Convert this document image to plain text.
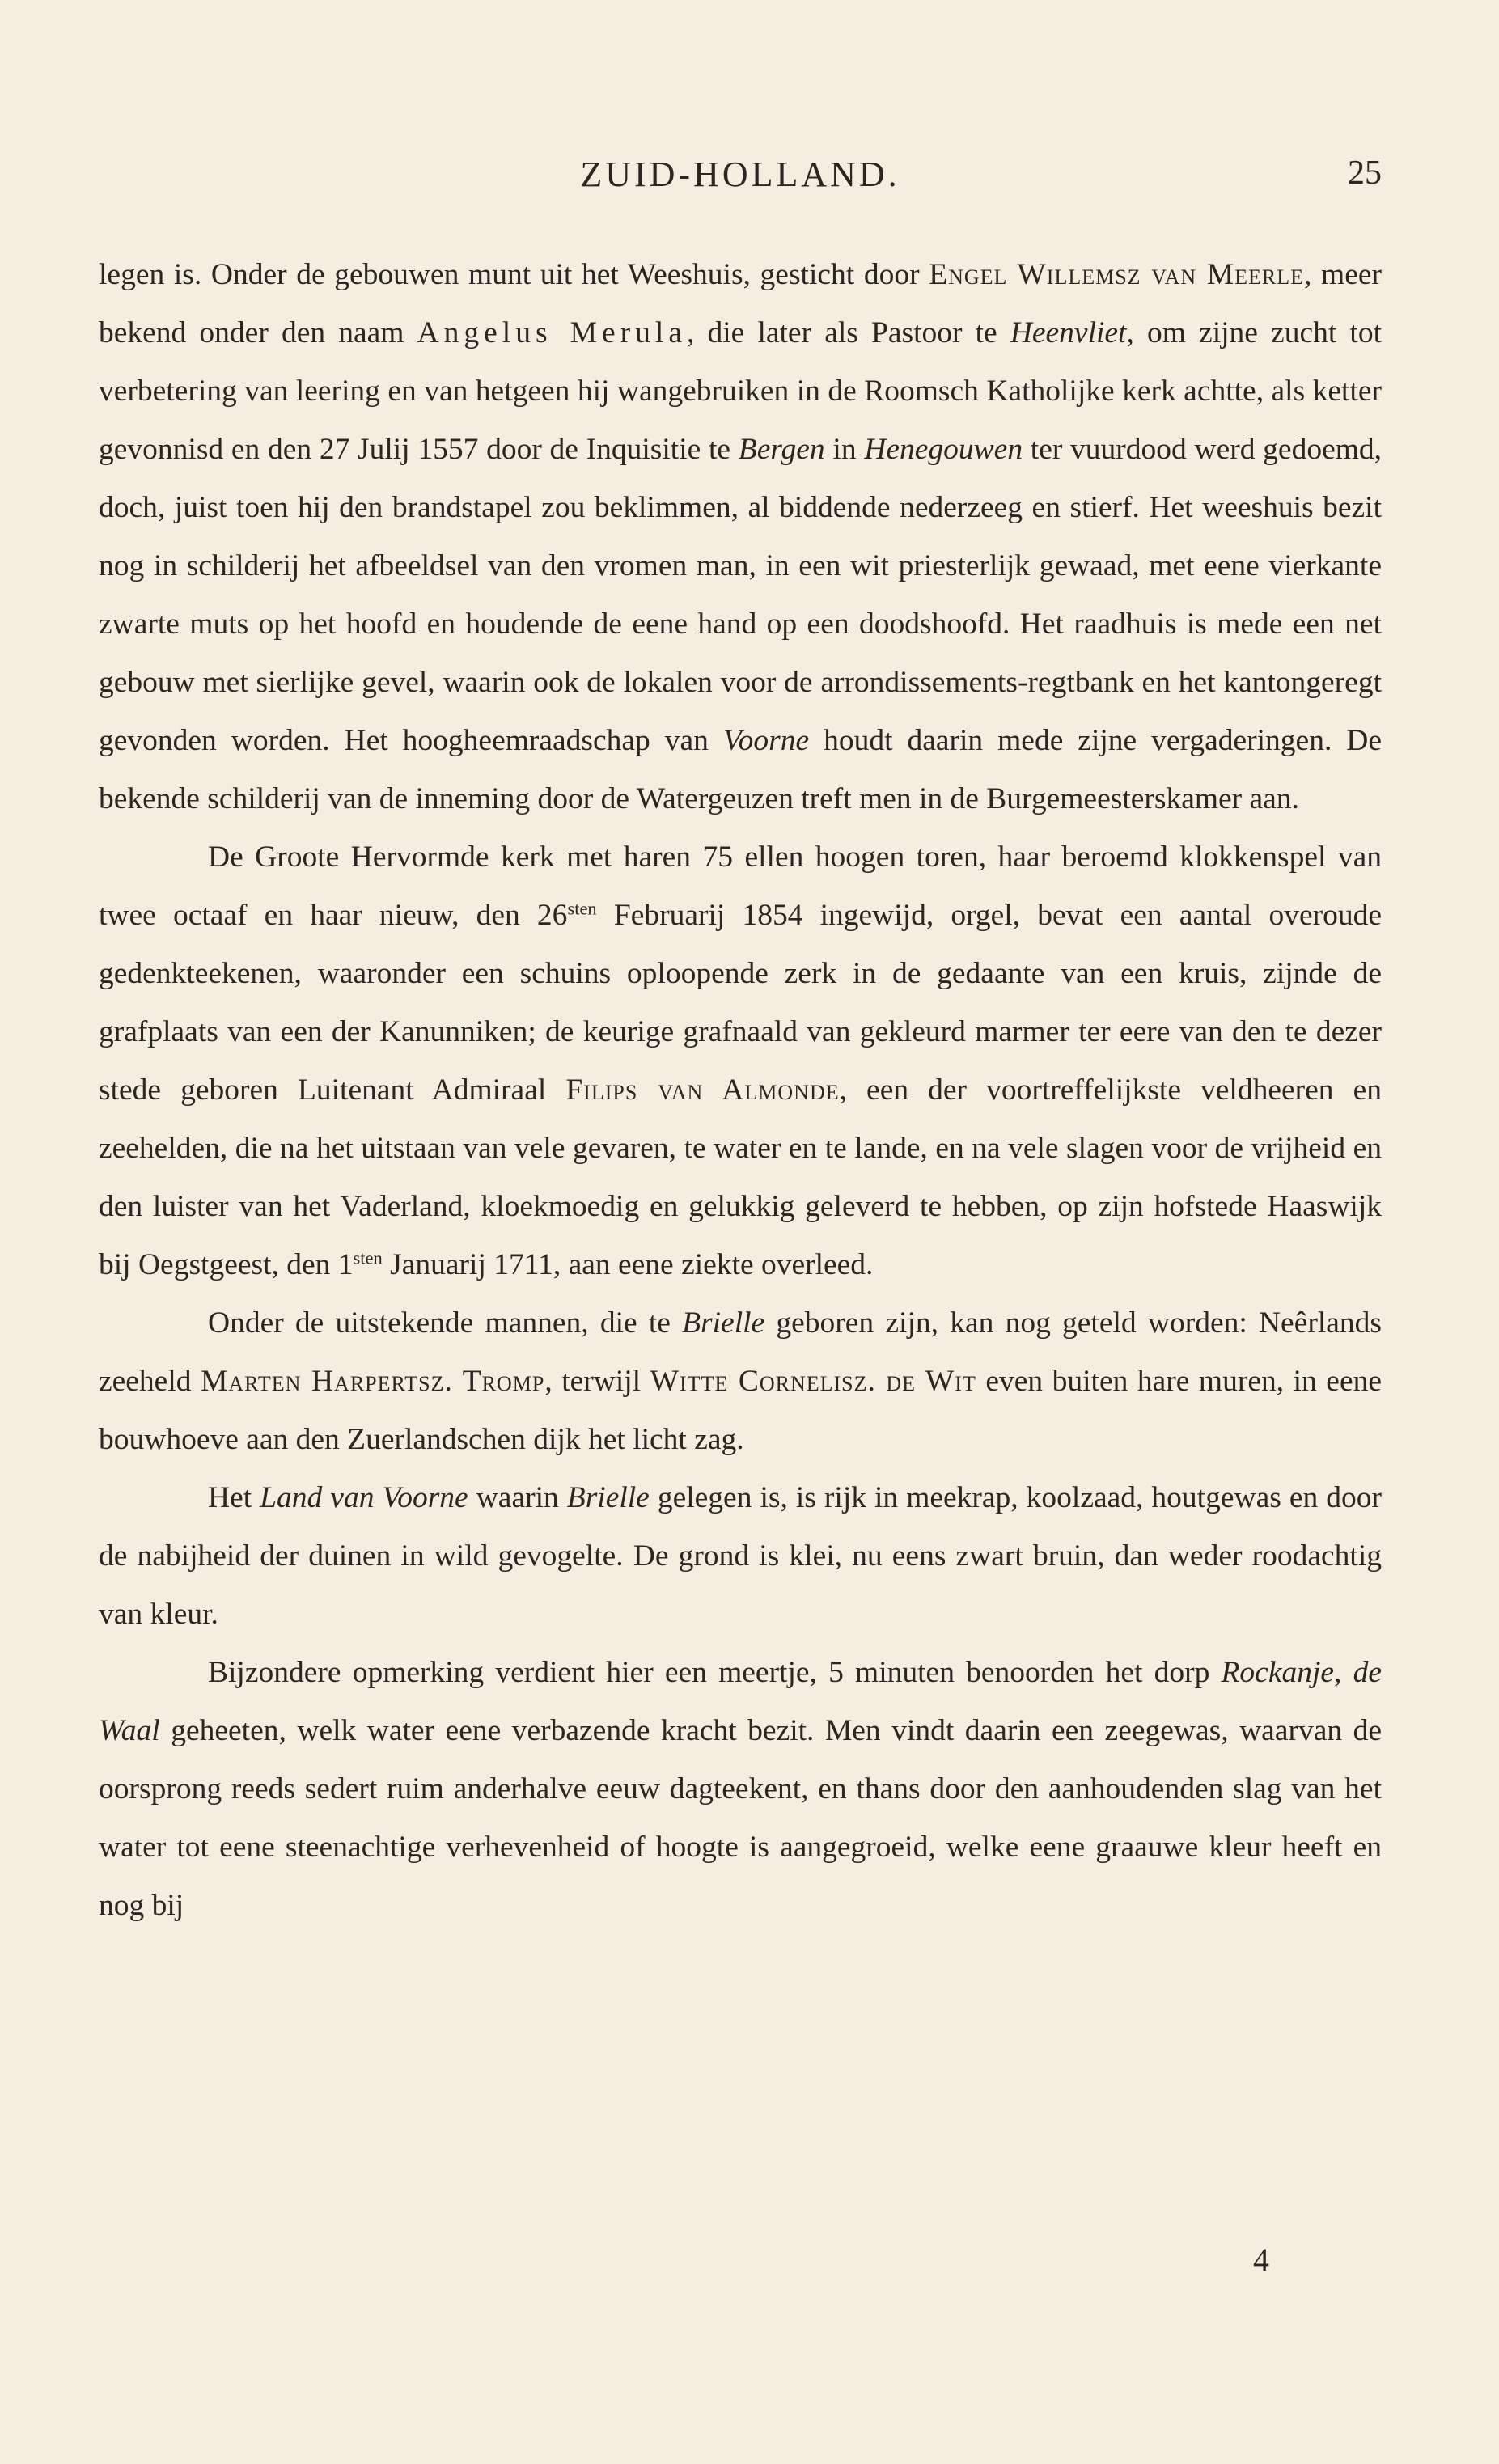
ZUID-HOLLAND.	25

legen is. Onder de gebouwen munt uit het Weeshuis, gesticht door Engel Willemsz van Meerle, meer bekend onder den naam Angelus Merula, die later als Pastoor te Heenvliet, om zijne zucht tot verbetering van leering en van hetgeen hij wangebruiken in de Roomsch Katholijke kerk achtte, als ketter gevonnisd en den 27 Julij 1557 door de Inquisitie te Bergen in Henegouwen ter vuurdood werd gedoemd, doch, juist toen hij den brandstapel zou beklimmen, al biddende nederzeeg en stierf. Het weeshuis bezit nog in schilderij het afbeeldsel van den vromen man, in een wit priesterlijk gewaad, met eene vierkante zwarte muts op het hoofd en houdende de eene hand op een doodshoofd. Het raadhuis is mede een net gebouw met sierlijke gevel, waarin ook de lokalen voor de arrondissements-regtbank en het kantongeregt gevonden worden. Het hoogheemraadschap van Voorne houdt daarin mede zijne vergaderingen. De bekende schilderij van de inneming door de Watergeuzen treft men in de Burgemeesterskamer aan.

De Groote Hervormde kerk met haren 75 ellen hoogen toren, haar beroemd klokkenspel van twee octaaf en haar nieuw, den $26^{sten}$ Februarij 1854 ingewijd, orgel, bevat een aantal overoude gedenkteekenen, waaronder een schuins oploopende zerk in de gedaante van een kruis, zijnde de grafplaats van een der Kanunniken; de keurige grafnaald van gekleurd marmer ter eere van den te dezer stede geboren Luitenant Admiraal Filips van Almonde, een der voortreffelijkste veldheeren en zeehelden, die na het uitstaan van vele gevaren, te water en te lande, en na vele slagen voor de vrijheid en den luister van het Vaderland, kloekmoedig en gelukkig geleverd te hebben, op zijn hofstede Haaswijk bij Oegstgeest, den $1^{sten}$ Januarij 1711, aan eene ziekte overleed.

Onder de uitstekende mannen, die te Brielle geboren zijn, kan nog geteld worden: Neêrlands zeeheld Marten Harpertsz. Tromp, terwijl Witte Cornelisz. de Wit even buiten hare muren, in eene bouwhoeve aan den Zuerlandschen dijk het licht zag.

Het Land van Voorne waarin Brielle gelegen is, is rijk in meekrap, koolzaad, houtgewas en door de nabijheid der duinen in wild gevogelte. De grond is klei, nu eens zwart bruin, dan weder roodachtig van kleur.

Bijzondere opmerking verdient hier een meertje, 5 minuten benoorden het dorp Rockanje, de Waal geheeten, welk water eene verbazende kracht bezit. Men vindt daarin een zeegewas, waarvan de oorsprong reeds sedert ruim anderhalve eeuw dagteekent, en thans door den aanhoudenden slag van het water tot eene steenachtige verhevenheid of hoogte is aangegroeid, welke eene graauwe kleur heeft en nog bij

4
